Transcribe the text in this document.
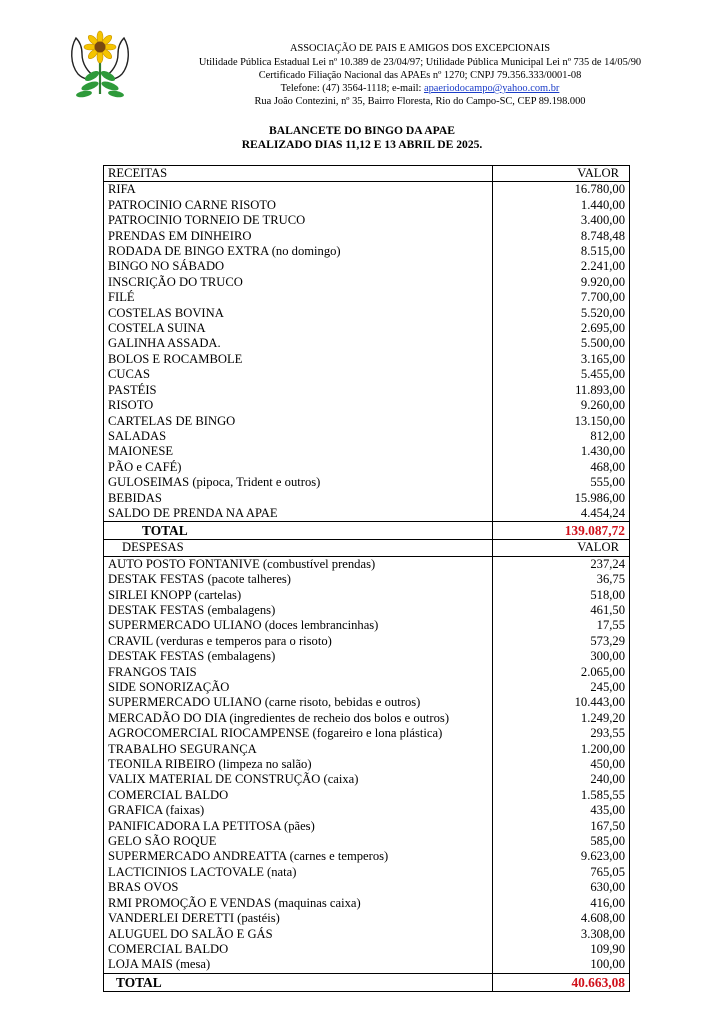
ASSOCIAÇÃO DE PAIS E AMIGOS DOS EXCEPCIONAIS
Utilidade Pública Estadual Lei nº 10.389 de 23/04/97; Utilidade Pública Municipal Lei nº 735 de 14/05/90
Certificado Filiação Nacional das APAEs nº 1270; CNPJ 79.356.333/0001-08
Telefone: (47) 3564-1118; e-mail: apaeriodocampo@yahoo.com.br
Rua João Contezini, nº 35, Bairro Floresta, Rio do Campo-SC, CEP 89.198.000
BALANCETE DO BINGO DA APAE
REALIZADO DIAS 11,12 E 13 ABRIL DE 2025.
RECEITAS	VALOR
RIFA	16.780,00
PATROCINIO CARNE RISOTO	1.440,00
PATROCINIO TORNEIO DE TRUCO	3.400,00
PRENDAS EM DINHEIRO	8.748,48
RODADA DE BINGO EXTRA (no domingo)	8.515,00
BINGO NO SÁBADO	2.241,00
INSCRIÇÃO DO TRUCO	9.920,00
FILÉ	7.700,00
COSTELAS BOVINA	5.520,00
COSTELA SUINA	2.695,00
GALINHA ASSADA.	5.500,00
BOLOS E ROCAMBOLE	3.165,00
CUCAS	5.455,00
PASTÉIS	11.893,00
RISOTO	9.260,00
CARTELAS DE BINGO	13.150,00
SALADAS	812,00
MAIONESE	1.430,00
PÃO e CAFÉ)	468,00
GULOSEIMAS (pipoca, Trident e outros)	555,00
BEBIDAS	15.986,00
SALDO DE PRENDA NA APAE	4.454,24
TOTAL	139.087,72
DESPESAS	VALOR
AUTO POSTO FONTANIVE (combustível prendas)	237,24
DESTAK FESTAS (pacote talheres)	36,75
SIRLEI KNOPP (cartelas)	518,00
DESTAK FESTAS (embalagens)	461,50
SUPERMERCADO ULIANO (doces lembrancinhas)	17,55
CRAVIL (verduras e temperos para o risoto)	573,29
DESTAK FESTAS (embalagens)	300,00
FRANGOS TAIS	2.065,00
SIDE SONORIZAÇÃO	245,00
SUPERMERCADO ULIANO (carne risoto, bebidas e outros)	10.443,00
MERCADÃO DO DIA (ingredientes de recheio dos bolos e outros)	1.249,20
AGROCOMERCIAL RIOCAMPENSE (fogareiro e lona plástica)	293,55
TRABALHO SEGURANÇA	1.200,00
TEONILA RIBEIRO (limpeza no salão)	450,00
VALIX MATERIAL DE CONSTRUÇÃO (caixa)	240,00
COMERCIAL BALDO	1.585,55
GRAFICA (faixas)	435,00
PANIFICADORA LA PETITOSA (pães)	167,50
GELO SÃO ROQUE	585,00
SUPERMERCADO ANDREATTA (carnes e temperos)	9.623,00
LACTICINIOS LACTOVALE (nata)	765,05
BRAS OVOS	630,00
RMI PROMOÇÃO E VENDAS (maquinas caixa)	416,00
VANDERLEI DERETTI (pastéis)	4.608,00
ALUGUEL DO SALÃO E GÁS	3.308,00
COMERCIAL BALDO	109,90
LOJA MAIS (mesa)	100,00
TOTAL	40.663,08
